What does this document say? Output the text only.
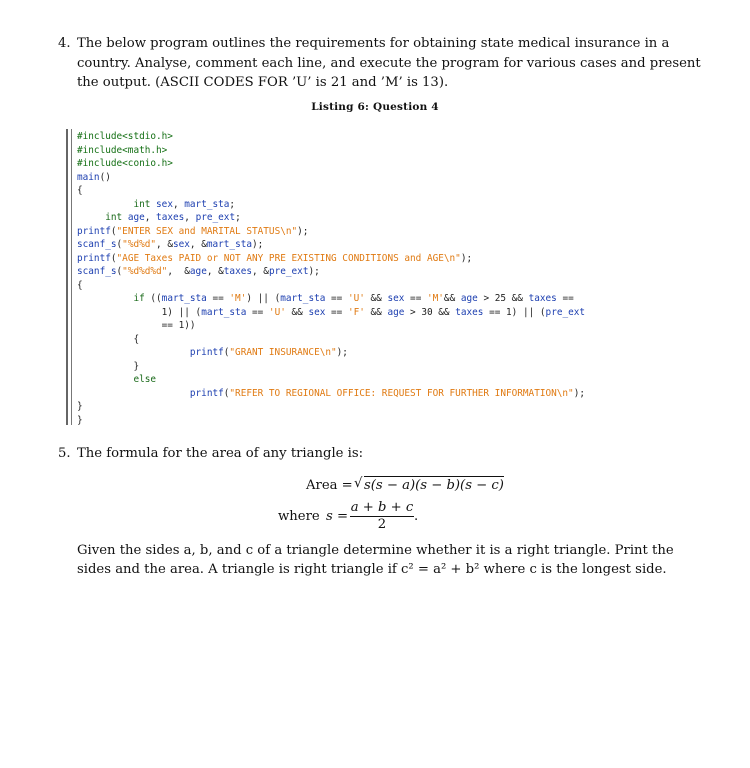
4. The below program outlines the requirements for obtaining state medical insurance in a country. Analyse, comment each line, and execute the program for various cases and present the output. (ASCII CODES FOR ’U’ is 21 and ’M’ is 13).
Listing 6: Question 4
#include<stdio.h>
#include<math.h>
#include<conio.h>
main()
{
int sex, mart_sta;
int age, taxes, pre_ext;
printf("ENTER SEX and MARITAL STATUS\n");
scanf_s("%d%d", &sex, &mart_sta);
printf("AGE Taxes PAID or NOT ANY PRE EXISTING CONDITIONS and AGE\n");
scanf_s("%d%d%d",  &age, &taxes, &pre_ext);
{
if ((mart_sta == 'M') || (mart_sta == 'U' && sex == 'M'&& age > 25 && taxes ==
1) || (mart_sta == 'U' && sex == 'F' && age > 30 && taxes == 1) || (pre_ext
== 1))
{
printf("GRANT INSURANCE\n");
}
else
printf("REFER TO REGIONAL OFFICE: REQUEST FOR FURTHER INFORMATION\n");
}
}
5. The formula for the area of any triangle is:
Area = √ s(s − a)(s − b)(s − c)
where $s = \frac{a + b + c}{2}$ .
Given the sides a, b, and c of a triangle determine whether it is a right triangle. Print the sides and the area. A triangle is right triangle if c² = a² + b² where c is the longest side.
